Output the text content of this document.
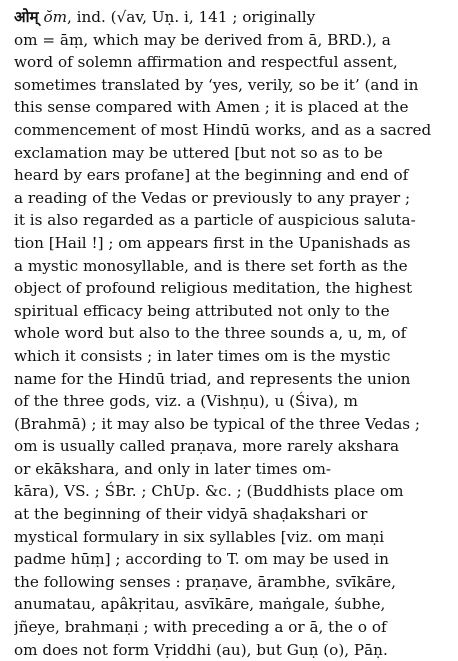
ओम् ŏm, ind. (√av, Uṇ. i, 141 ; originally
om = āṃ, which may be derived from ā, BRD.), a
word of solemn affirmation and respectful assent,
sometimes translated by ‘yes, verily, so be it’ (and in
this sense compared with Amen ; it is placed at the
commencement of most Hindū works, and as a sacred
exclamation may be uttered [but not so as to be
heard by ears profane] at the beginning and end of
a reading of the Vedas or previously to any prayer ;
it is also regarded as a particle of auspicious saluta-
tion [Hail !] ; om appears first in the Upanishads as
a mystic monosyllable, and is there set forth as the
object of profound religious meditation, the highest
spiritual efficacy being attributed not only to the
whole word but also to the three sounds a, u, m, of
which it consists ; in later times om is the mystic
name for the Hindū triad, and represents the union
of the three gods, viz. a (Vishṇu), u (Śiva), m
(Brahmā) ; it may also be typical of the three Vedas ;
om is usually called praṇava, more rarely akshara
or ekākshara, and only in later times om-
kāra), VS. ; ŚBr. ; ChUp. &c. ; (Buddhists place om
at the beginning of their vidyā shaḍakshari or
mystical formulary in six syllables [viz. om maṇi
padme hūṃ] ; according to T. om may be used in
the following senses : praṇave, ārambhe, svīkāre,
anumatau, apâkṛitau, asvīkāre, maṅgale, śubhe,
jñeye, brahmaṇi ; with preceding a or ā, the o of
om does not form Vṛiddhi (au), but Guṇ (o), Pāṇ.
